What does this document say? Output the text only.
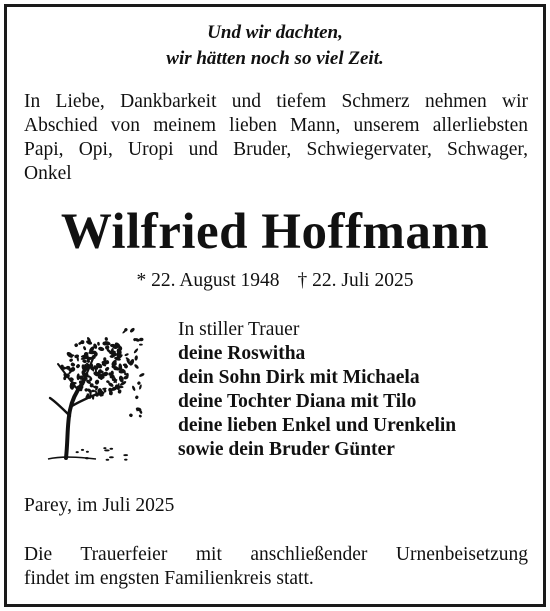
Und wir dachten,
wir hätten noch so viel Zeit.
In Liebe, Dankbarkeit und tiefem Schmerz nehmen wir
Abschied von meinem lieben Mann, unserem allerliebsten
Papi, Opi, Uropi und Bruder, Schwiegervater, Schwager,
Onkel
Wilfried Hoffmann
* 22. August 1948 † 22. Juli 2025
In stiller Trauer
deine Roswitha
dein Sohn Dirk mit Michaela
deine Tochter Diana mit Tilo
deine lieben Enkel und Urenkelin
sowie dein Bruder Günter
Parey, im Juli 2025
Die Trauerfeier mit anschließender Urnenbeisetzung
findet im engsten Familienkreis statt.
